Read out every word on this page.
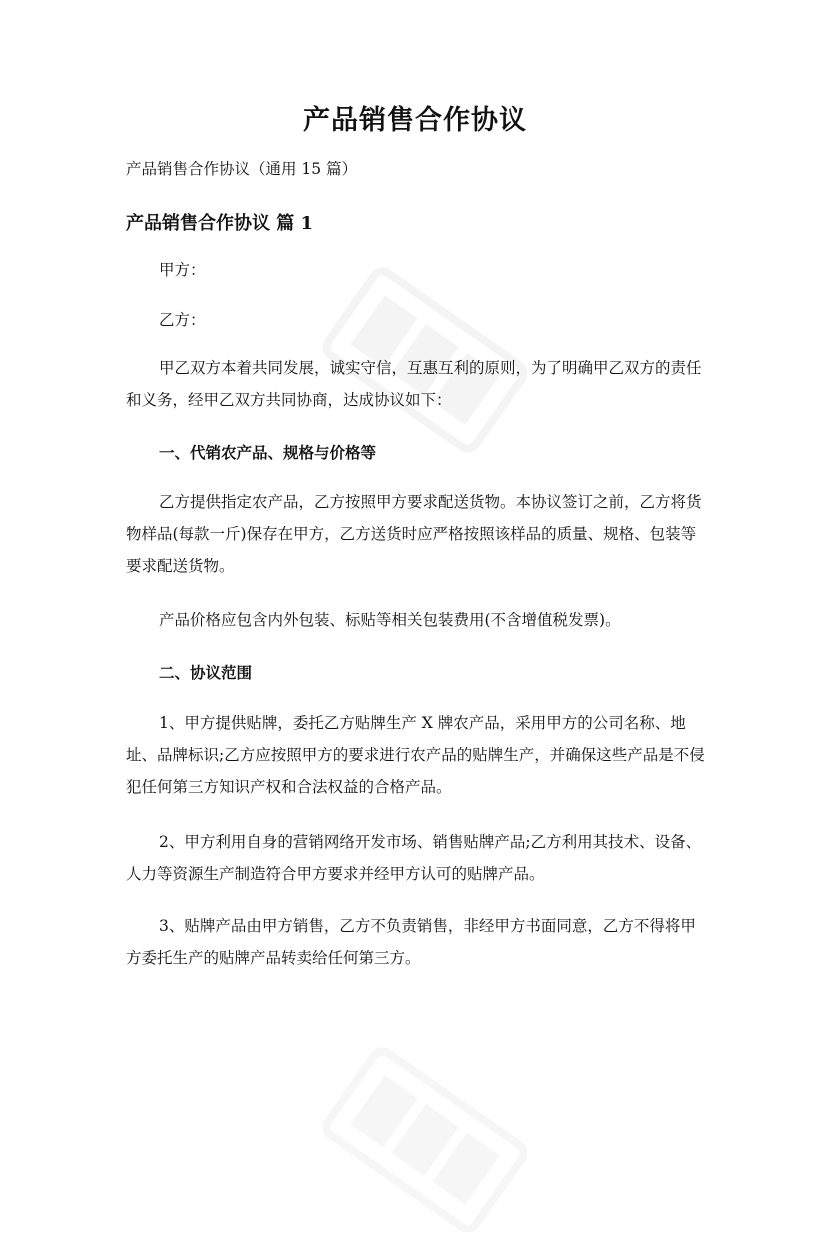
产品销售合作协议
产品销售合作协议（通用 15 篇）
产品销售合作协议 篇 1

甲方：

乙方：

甲乙双方本着共同发展，诚实守信，互惠互利的原则，为了明确甲乙双方的责任和义务，经甲乙双方共同协商，达成协议如下：

一、代销农产品、规格与价格等

乙方提供指定农产品，乙方按照甲方要求配送货物。本协议签订之前，乙方将货物样品(每款一斤)保存在甲方，乙方送货时应严格按照该样品的质量、规格、包装等要求配送货物。

产品价格应包含内外包装、标贴等相关包装费用(不含增值税发票)。

二、协议范围

1、甲方提供贴牌，委托乙方贴牌生产 X 牌农产品，采用甲方的公司名称、地址、品牌标识;乙方应按照甲方的要求进行农产品的贴牌生产，并确保这些产品是不侵犯任何第三方知识产权和合法权益的合格产品。

2、甲方利用自身的营销网络开发市场、销售贴牌产品;乙方利用其技术、设备、人力等资源生产制造符合甲方要求并经甲方认可的贴牌产品。

3、贴牌产品由甲方销售，乙方不负责销售，非经甲方书面同意，乙方不得将甲方委托生产的贴牌产品转卖给任何第三方。
